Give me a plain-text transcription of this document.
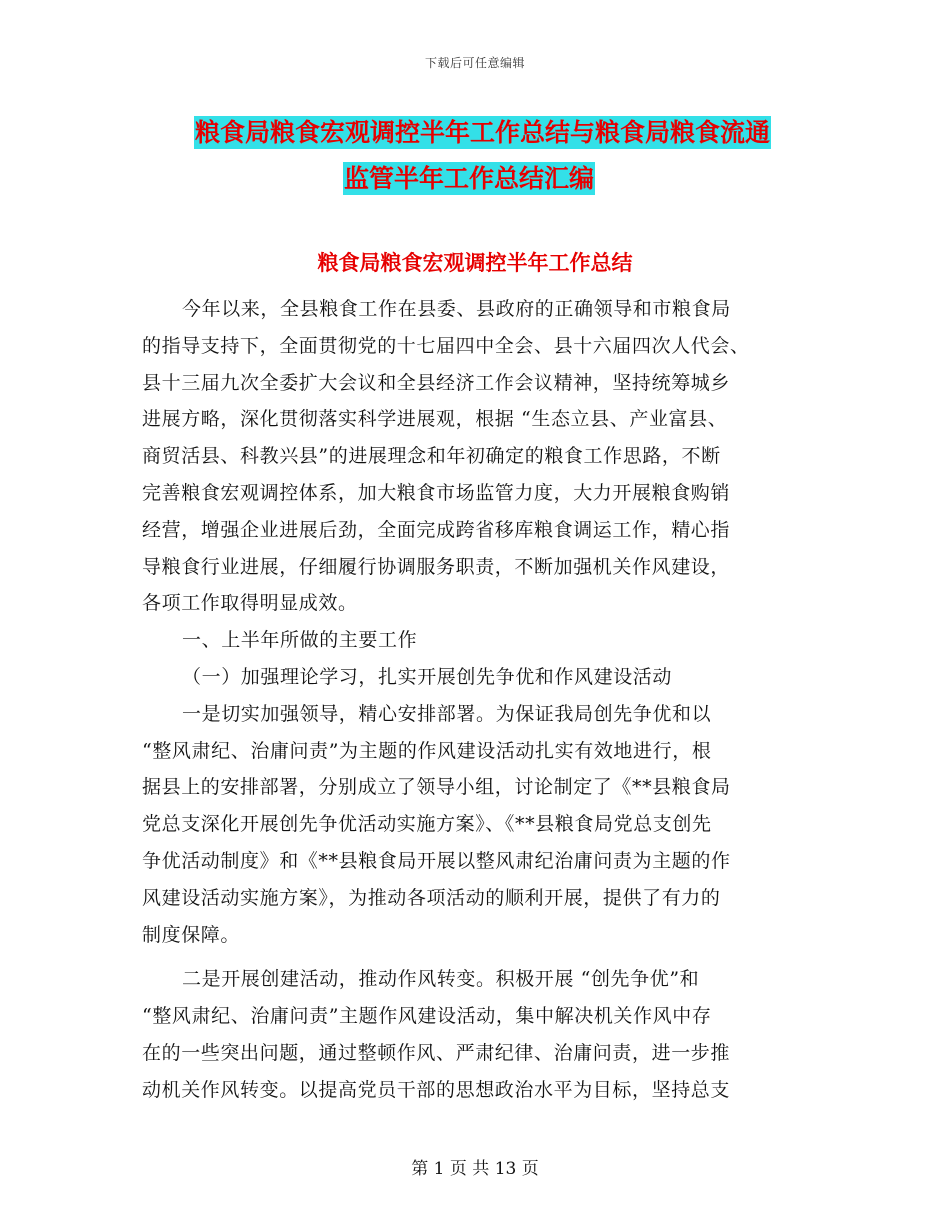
下载后可任意编辑
粮食局粮食宏观调控半年工作总结与粮食局粮食流通
监管半年工作总结汇编
粮食局粮食宏观调控半年工作总结
今年以来，全县粮食工作在县委、县政府的正确领导和市粮食局
的指导支持下，全面贯彻党的十七届四中全会、县十六届四次人代会、
县十三届九次全委扩大会议和全县经济工作会议精神，坚持统筹城乡
进展方略，深化贯彻落实科学进展观，根据 “生态立县、产业富县、
商贸活县、科教兴县”的进展理念和年初确定的粮食工作思路，不断
完善粮食宏观调控体系，加大粮食市场监管力度，大力开展粮食购销
经营，增强企业进展后劲，全面完成跨省移库粮食调运工作，精心指
导粮食行业进展，仔细履行协调服务职责，不断加强机关作风建设，
各项工作取得明显成效。
一、上半年所做的主要工作
（一）加强理论学习，扎实开展创先争优和作风建设活动
一是切实加强领导，精心安排部署。为保证我局创先争优和以
“整风肃纪、治庸问责”为主题的作风建设活动扎实有效地进行，根
据县上的安排部署，分别成立了领导小组，讨论制定了《**县粮食局
党总支深化开展创先争优活动实施方案》、《**县粮食局党总支创先
争优活动制度》和《**县粮食局开展以整风肃纪治庸问责为主题的作
风建设活动实施方案》，为推动各项活动的顺利开展，提供了有力的
制度保障。
二是开展创建活动，推动作风转变。积极开展 “创先争优”和
“整风肃纪、治庸问责”主题作风建设活动，集中解决机关作风中存
在的一些突出问题，通过整顿作风、严肃纪律、治庸问责，进一步推
动机关作风转变。以提高党员干部的思想政治水平为目标，坚持总支
第 1 页 共 13 页
